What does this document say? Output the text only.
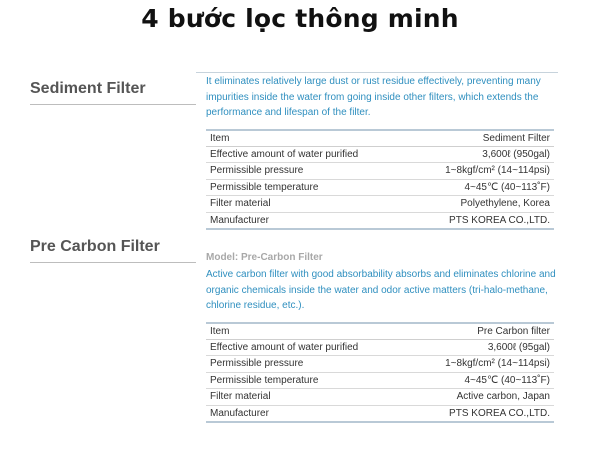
4 bước lọc thông minh
Sediment Filter
Pre Carbon Filter
It eliminates relatively large dust or rust residue effectively, preventing many impurities inside the water from going inside other filters, which extends the performance and lifespan of the filter.
Item	Sediment Filter
Effective amount of water purified	3,600ℓ (950gal)
Permissible pressure	1~8kgf/cm² (14~114psi)
Permissible temperature	4~45℃ (40~113˚F)
Filter material	Polyethylene, Korea
Manufacturer	PTS KOREA CO.,LTD.
Model: Pre-Carbon Filter
Active carbon filter with good absorbability absorbs and eliminates chlorine and organic chemicals inside the water and odor active matters (tri-halo-methane, chlorine residue, etc.).
Item	Pre Carbon filter
Effective amount of water purified	3,600ℓ (95gal)
Permissible pressure	1~8kgf/cm² (14~114psi)
Permissible temperature	4~45℃ (40~113˚F)
Filter material	Active carbon, Japan
Manufacturer	PTS KOREA CO.,LTD.
